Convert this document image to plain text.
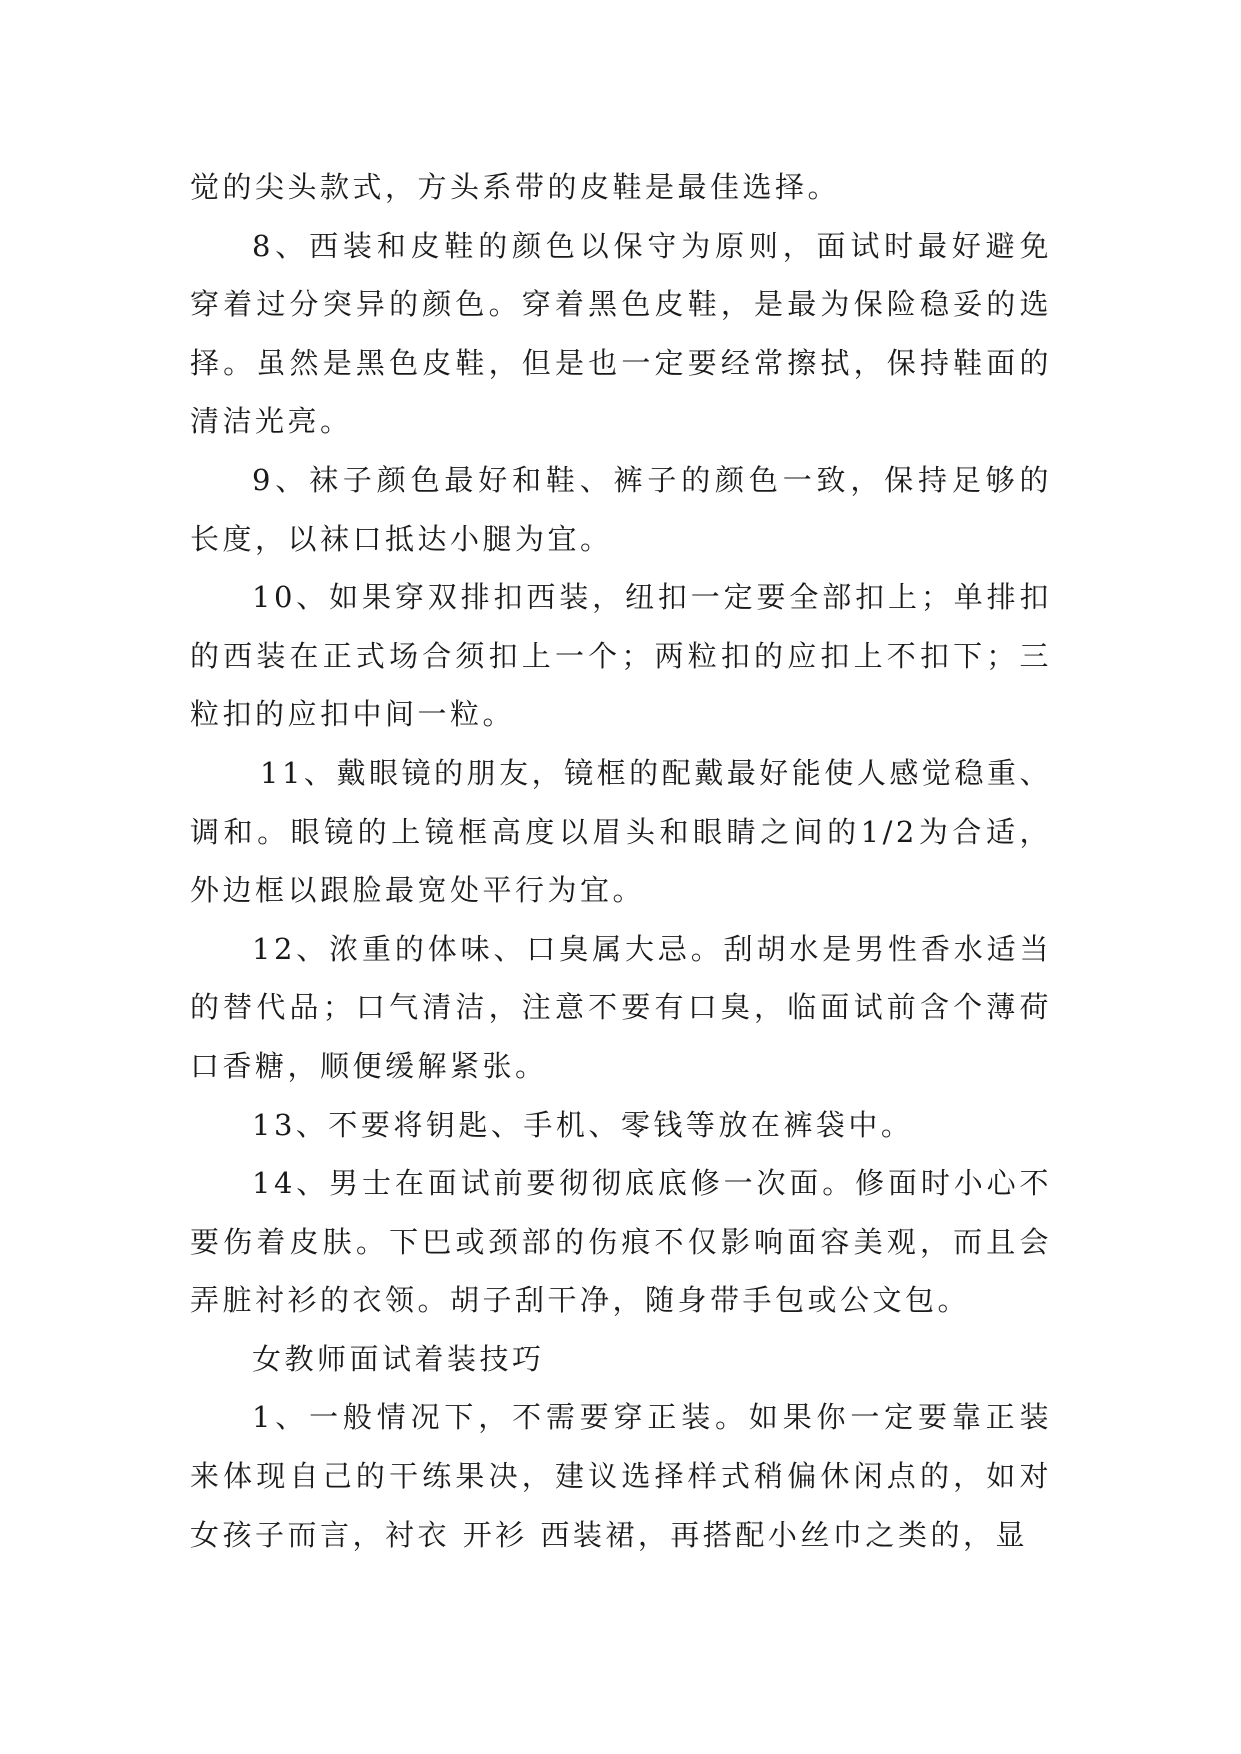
觉的尖头款式，方头系带的皮鞋是最佳选择。

8、西装和皮鞋的颜色以保守为原则，面试时最好避免穿着过分突异的颜色。穿着黑色皮鞋，是最为保险稳妥的选择。虽然是黑色皮鞋，但是也一定要经常擦拭，保持鞋面的清洁光亮。

9、袜子颜色最好和鞋、裤子的颜色一致，保持足够的长度，以袜口抵达小腿为宜。

10、如果穿双排扣西装，纽扣一定要全部扣上；单排扣的西装在正式场合须扣上一个；两粒扣的应扣上不扣下；三粒扣的应扣中间一粒。

11、戴眼镜的朋友，镜框的配戴最好能使人感觉稳重、调和。眼镜的上镜框高度以眉头和眼睛之间的1/2为合适，外边框以跟脸最宽处平行为宜。

12、浓重的体味、口臭属大忌。刮胡水是男性香水适当的替代品；口气清洁，注意不要有口臭，临面试前含个薄荷口香糖，顺便缓解紧张。

13、不要将钥匙、手机、零钱等放在裤袋中。

14、男士在面试前要彻彻底底修一次面。修面时小心不要伤着皮肤。下巴或颈部的伤痕不仅影响面容美观，而且会弄脏衬衫的衣领。胡子刮干净，随身带手包或公文包。

女教师面试着装技巧

1、一般情况下，不需要穿正装。如果你一定要靠正装来体现自己的干练果决，建议选择样式稍偏休闲点的，如对女孩子而言，衬衣 开衫 西装裙，再搭配小丝巾之类的，显
